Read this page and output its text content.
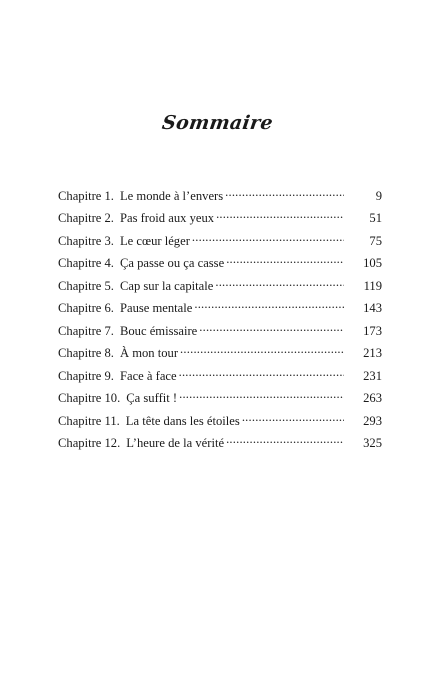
Sommaire
Chapitre 1. Le monde à l’envers .....	9
Chapitre 2. Pas froid aux yeux .....	51
Chapitre 3. Le cœur léger .....	75
Chapitre 4. Ça passe ou ça casse .....	105
Chapitre 5. Cap sur la capitale .....	119
Chapitre 6. Pause mentale .....	143
Chapitre 7. Bouc émissaire .....	173
Chapitre 8. À mon tour .....	213
Chapitre 9. Face à face .....	231
Chapitre 10. Ça suffit ! .....	263
Chapitre 11. La tête dans les étoiles .....	293
Chapitre 12. L’heure de la vérité .....	325
